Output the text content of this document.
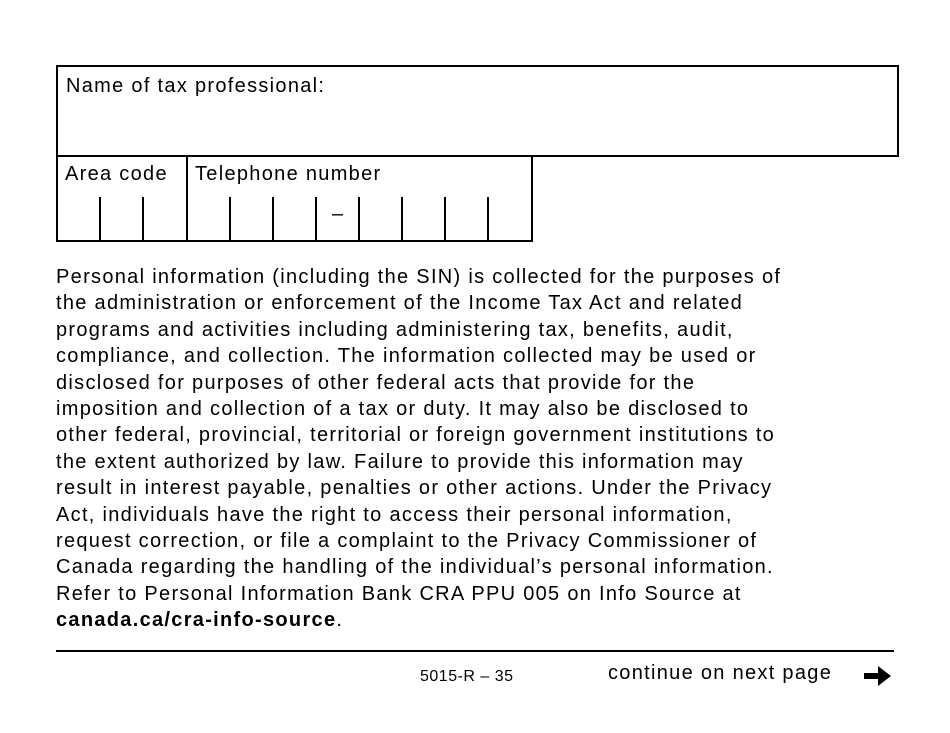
Name of tax professional:
Area code Telephone number
–

Personal information (including the SIN) is collected for the purposes of
the administration or enforcement of the Income Tax Act and related
programs and activities including administering tax, benefits, audit,
compliance, and collection. The information collected may be used or
disclosed for purposes of other federal acts that provide for the
imposition and collection of a tax or duty. It may also be disclosed to
other federal, provincial, territorial or foreign government institutions to
the extent authorized by law. Failure to provide this information may
result in interest payable, penalties or other actions. Under the Privacy
Act, individuals have the right to access their personal information,
request correction, or file a complaint to the Privacy Commissioner of
Canada regarding the handling of the individual’s personal information.
Refer to Personal Information Bank CRA PPU 005 on Info Source at
canada.ca/cra-info-source.

5015-R – 35	continue on next page
